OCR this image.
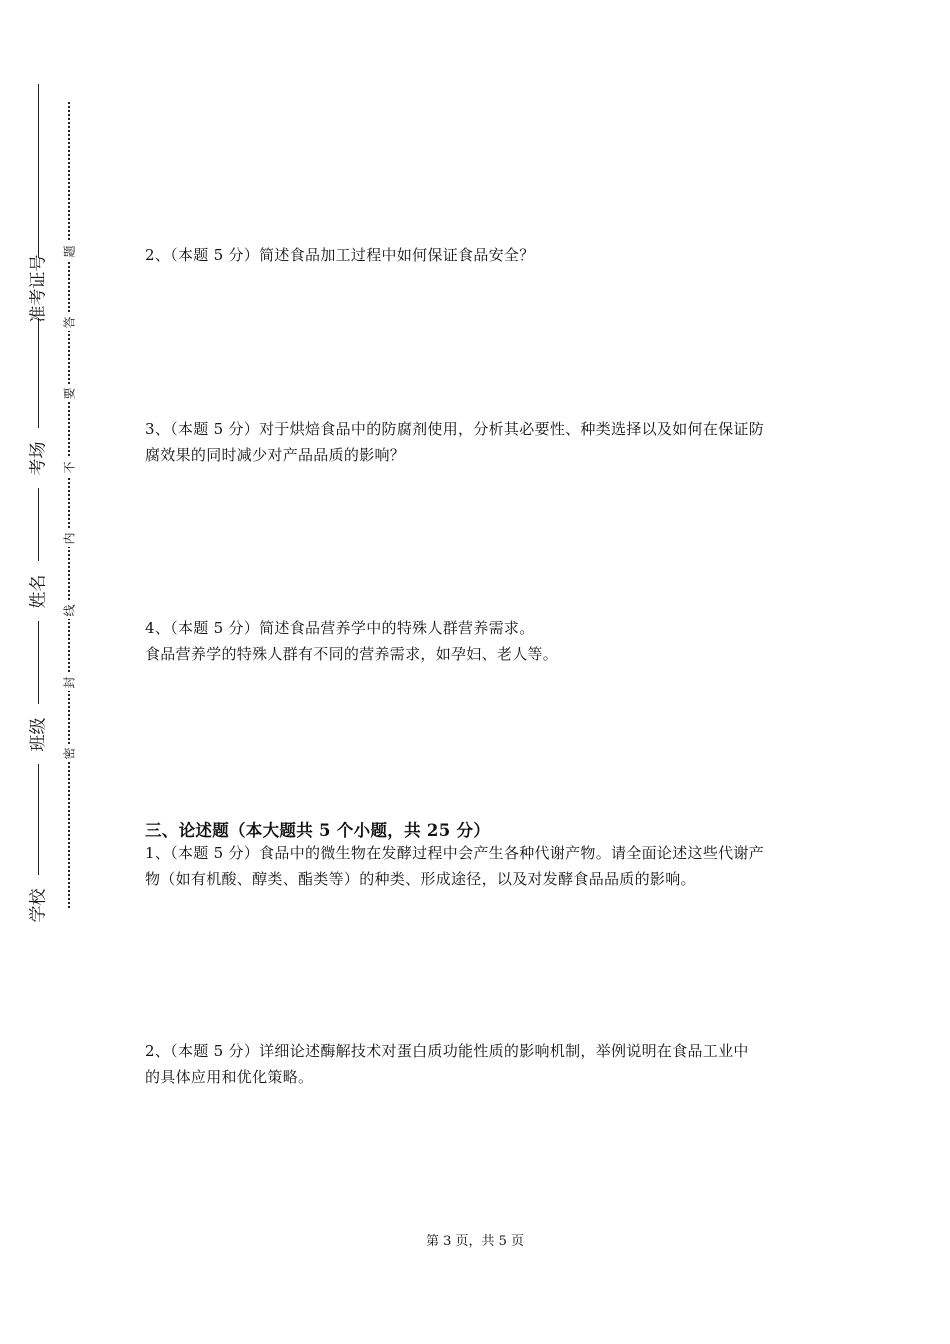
学校
班级
姓名
考场
准考证号
题
答
要
不
内
线
封
密
2、（本题 5 分）简述食品加工过程中如何保证食品安全？
3、（本题 5 分）对于烘焙食品中的防腐剂使用，分析其必要性、种类选择以及如何在保证防
腐效果的同时减少对产品品质的影响？
4、（本题 5 分）简述食品营养学中的特殊人群营养需求。
食品营养学的特殊人群有不同的营养需求，如孕妇、老人等。
三、论述题（本大题共 5 个小题，共 25 分）
1、（本题 5 分）食品中的微生物在发酵过程中会产生各种代谢产物。请全面论述这些代谢产
物（如有机酸、醇类、酯类等）的种类、形成途径，以及对发酵食品品质的影响。
2、（本题 5 分）详细论述酶解技术对蛋白质功能性质的影响机制，举例说明在食品工业中
的具体应用和优化策略。
第 3 页，共 5 页
